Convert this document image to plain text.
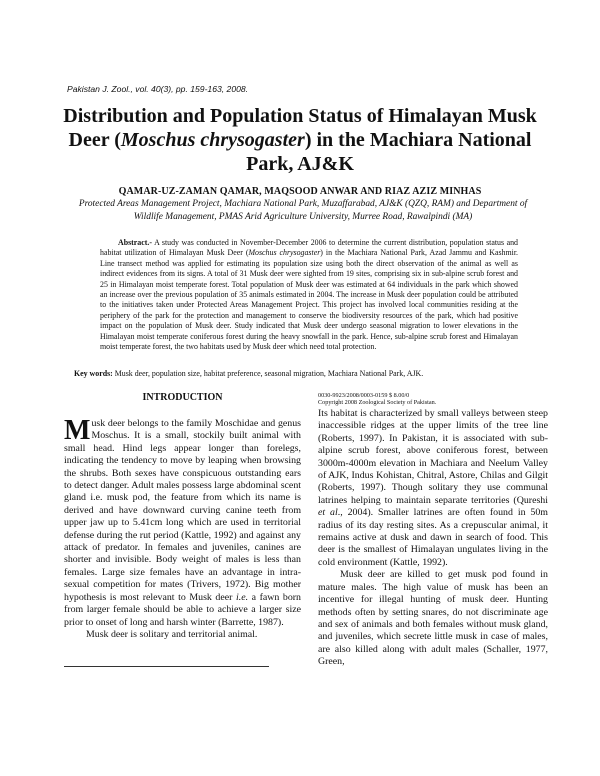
Pakistan J. Zool., vol. 40(3), pp. 159-163, 2008.
Distribution and Population Status of Himalayan Musk Deer (Moschus chrysogaster) in the Machiara National Park, AJ&K
QAMAR-UZ-ZAMAN QAMAR, MAQSOOD ANWAR AND RIAZ AZIZ MINHAS
Protected Areas Management Project, Machiara National Park, Muzaffarabad, AJ&K (QZQ, RAM) and Department of Wildlife Management, PMAS Arid Agriculture University, Murree Road, Rawalpindi (MA)
Abstract.- A study was conducted in November-December 2006 to determine the current distribution, population status and habitat utilization of Himalayan Musk Deer (Moschus chrysogaster) in the Machiara National Park, Azad Jammu and Kashmir. Line transect method was applied for estimating its population size using both the direct observation of the animal as well as indirect evidences from its signs. A total of 31 Musk deer were sighted from 19 sites, comprising six in sub-alpine scrub forest and 25 in Himalayan moist temperate forest. Total population of Musk deer was estimated at 64 individuals in the park which showed an increase over the previous population of 35 animals estimated in 2004. The increase in Musk deer population could be attributed to the initiatives taken under Protected Areas Management Project. This project has involved local communities residing at the periphery of the park for the protection and management to conserve the biodiversity resources of the park, which had positive impact on the population of Musk deer. Study indicated that Musk deer undergo seasonal migration to lower elevations in the Himalayan moist temperate coniferous forest during the heavy snowfall in the park. Hence, sub-alpine scrub forest and Himalayan moist temperate forest, the two habitats used by Musk deer which need total protection.
Key words: Musk deer, population size, habitat preference, seasonal migration, Machiara National Park, AJK.
INTRODUCTION

Musk deer belongs to the family Moschidae and genus Moschus. It is a small, stockily built animal with small head. Hind legs appear longer than forelegs, indicating the tendency to move by leaping when browsing the shrubs. Both sexes have conspicuous outstanding ears to detect danger. Adult males possess large abdominal scent gland i.e. musk pod, the feature from which its name is derived and have downward curving canine teeth from upper jaw up to 5.41cm long which are used in territorial defense during the rut period (Kattle, 1992) and against any attack of predator. In females and juveniles, canines are shorter and invisible. Body weight of males is less than females. Large size females have an advantage in intra-sexual competition for mates (Trivers, 1972). Big mother hypothesis is most relevant to Musk deer i.e. a fawn born from larger female should be able to achieve a larger size prior to onset of long and harsh winter (Barrette, 1987).

Musk deer is solitary and territorial animal.

0030-9923/2008/0003-0159 $ 8.00/0
Copyright 2008 Zoological Society of Pakistan.

Its habitat is characterized by small valleys between steep inaccessible ridges at the upper limits of the tree line (Roberts, 1997). In Pakistan, it is associated with sub-alpine scrub forest, above coniferous forest, between 3000m-4000m elevation in Machiara and Neelum Valley of AJK, Indus Kohistan, Chitral, Astore, Chilas and Gilgit (Roberts, 1997). Though solitary they use communal latrines helping to maintain separate territories (Qureshi et al., 2004). Smaller latrines are often found in 50m radius of its day resting sites. As a crepuscular animal, it remains active at dusk and dawn in search of food. This deer is the smallest of Himalayan ungulates living in the cold environment (Kattle, 1992).

Musk deer are killed to get musk pod found in mature males. The high value of musk has been an incentive for illegal hunting of musk deer. Hunting methods often by setting snares, do not discriminate age and sex of animals and both females without musk gland, and juveniles, which secrete little musk in case of males, are also killed along with adult males (Schaller, 1977, Green,
